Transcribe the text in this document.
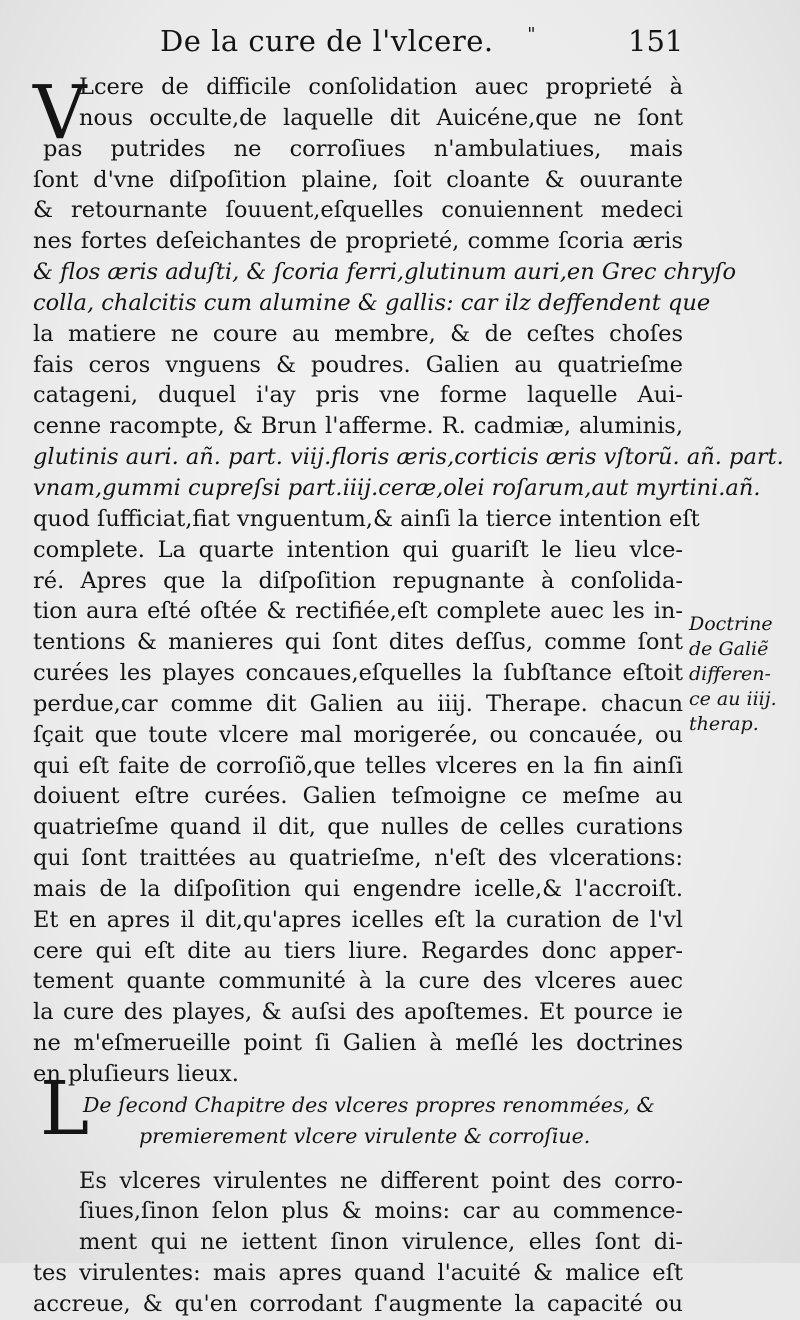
De la cure de l'vlcere. "	151
V
Lcere de difficile conſolidation auec proprieté à
nous occulte,de laquelle dit Auicéne,que ne ſont
pas putrides ne corroſiues n'ambulatiues, mais
ſont d'vne diſpoſition plaine, ſoit cloante & ouurante
& retournante ſouuent,eſquelles conuiennent medeci
nes fortes deſeichantes de proprieté, comme ſcoria æris
& flos æris aduſti, & ſcoria ferri,glutinum auri,en Grec chryſo
colla, chalcitis cum alumine & gallis: car ilz deffendent que
la matiere ne coure au membre, & de ceſtes choſes
fais ceros vnguens & poudres. Galien au quatrieſme
catageni, duquel i'ay pris vne forme laquelle Aui-
cenne racompte, & Brun l'afferme. R. cadmiæ, aluminis,
glutinis auri. añ. part. viij.floris æris,corticis æris vſtorũ. añ. part.
vnam,gummi cupreſsi part.iiij.ceræ,olei roſarum,aut myrtini.añ.
quod ſufficiat,fiat vnguentum,& ainſi la tierce intention eſt
complete. La quarte intention qui guariſt le lieu vlce-
ré. Apres que la diſpoſition repugnante à conſolida-
tion aura eſté oſtée & rectifiée,eſt complete auec les in-
tentions & manieres qui ſont dites deſſus, comme ſont
curées les playes concaues,eſquelles la ſubſtance eſtoit
perdue,car comme dit Galien au iiij. Therape. chacun
ſçait que toute vlcere mal morigerée, ou concauée, ou
qui eſt faite de corroſiõ,que telles vlceres en la fin ainſi
doiuent eſtre curées. Galien teſmoigne ce meſme au
quatrieſme quand il dit, que nulles de celles curations
qui ſont traittées au quatrieſme, n'eſt des vlcerations:
mais de la diſpoſition qui engendre icelle,& l'accroiſt.
Et en apres il dit,qu'apres icelles eſt la curation de l'vl
cere qui eſt dite au tiers liure. Regardes donc apper-
tement quante communité à la cure des vlceres auec
la cure des playes, & auſsi des apoſtemes. Et pource ie
ne m'eſmerueille point ſi Galien à meſlé les doctrines
en pluſieurs lieux.
De ſecond Chapitre des vlceres propres renommées, &
premierement vlcere virulente & corroſiue.
Es vlceres virulentes ne different point des corro-
ſiues,ſinon ſelon plus & moins: car au commence-
ment qui ne iettent ſinon virulence, elles ſont di-
tes virulentes: mais apres quand l'acuité & malice eſt
accreue, & qu'en corrodant ſ'augmente la capacité ou
L
Doctrine
de Galiẽ
differen-
ce au iiij.
therap.
